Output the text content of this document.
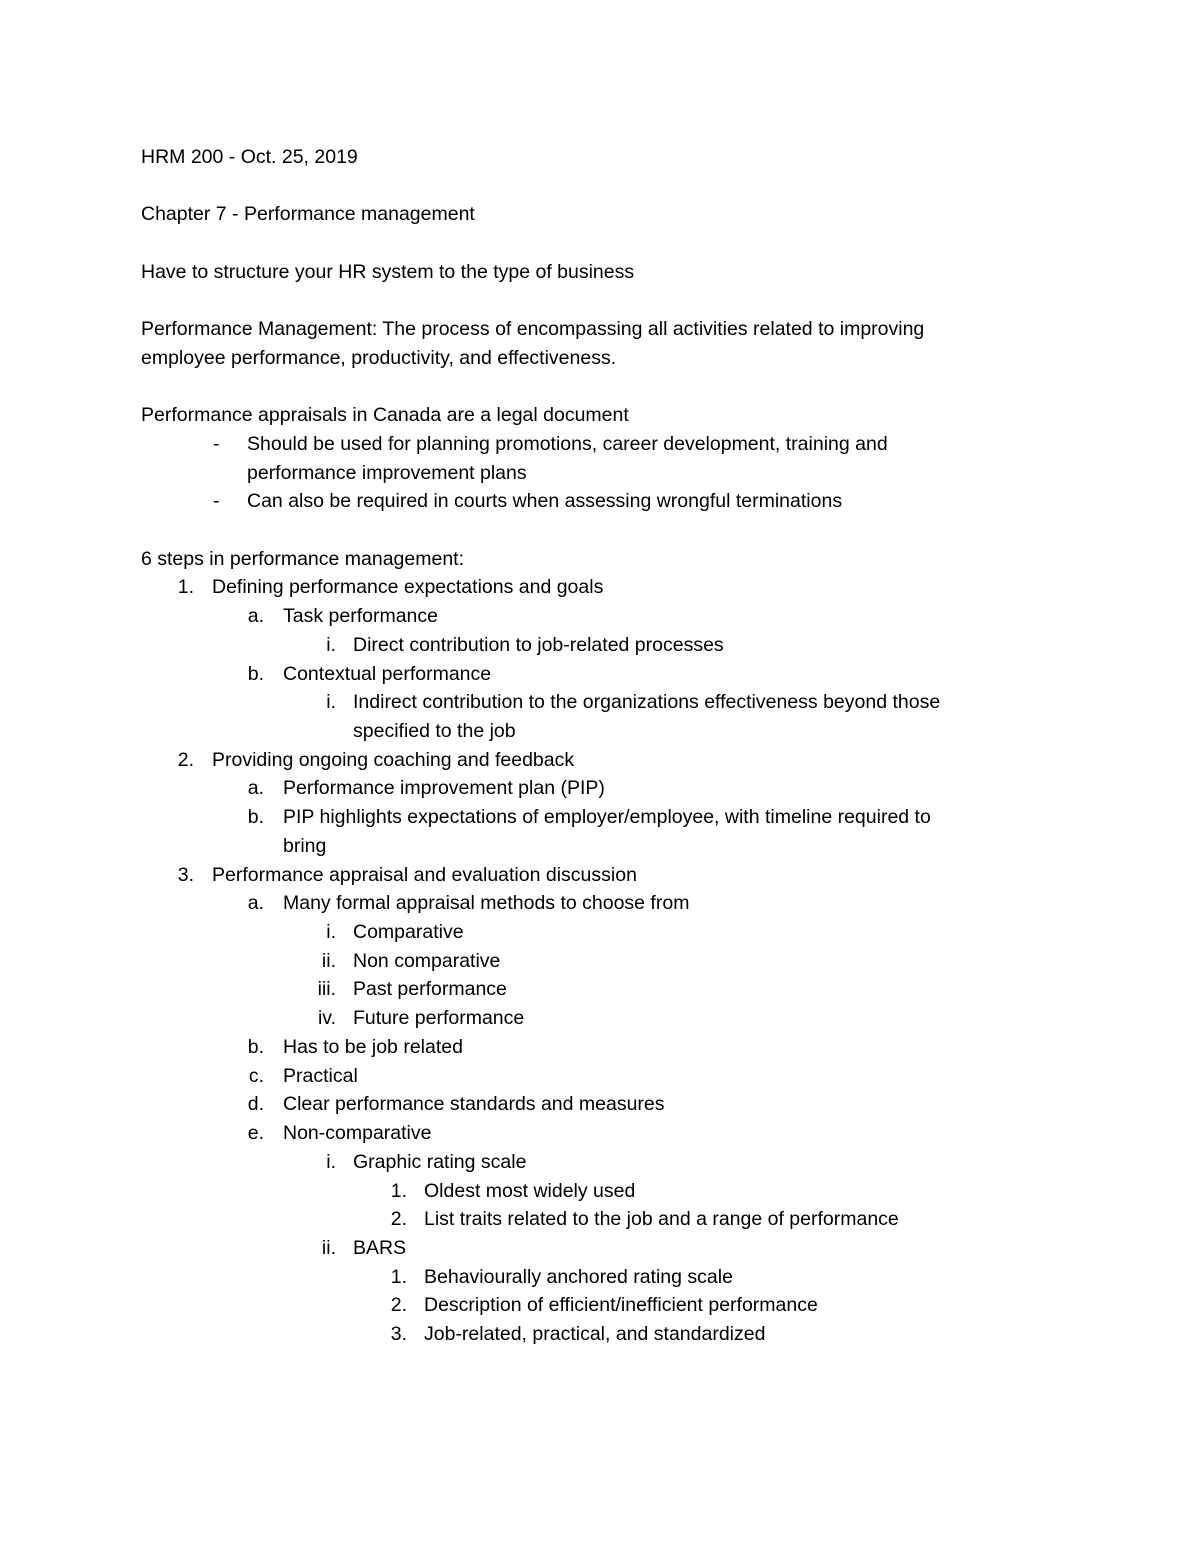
HRM 200 - Oct. 25, 2019
Chapter 7 - Performance management
Have to structure your HR system to the type of business
Performance Management: The process of encompassing all activities related to improving
employee performance, productivity, and effectiveness.
Performance appraisals in Canada are a legal document
- Should be used for planning promotions, career development, training and
performance improvement plans
- Can also be required in courts when assessing wrongful terminations
6 steps in performance management:
1. Defining performance expectations and goals
a. Task performance
i. Direct contribution to job-related processes
b. Contextual performance
i. Indirect contribution to the organizations effectiveness beyond those
specified to the job
2. Providing ongoing coaching and feedback
a. Performance improvement plan (PIP)
b. PIP highlights expectations of employer/employee, with timeline required to
bring
3. Performance appraisal and evaluation discussion
a. Many formal appraisal methods to choose from
i. Comparative
ii. Non comparative
iii. Past performance
iv. Future performance
b. Has to be job related
c. Practical
d. Clear performance standards and measures
e. Non-comparative
i. Graphic rating scale
1. Oldest most widely used
2. List traits related to the job and a range of performance
ii. BARS
1. Behaviourally anchored rating scale
2. Description of efficient/inefficient performance
3. Job-related, practical, and standardized
